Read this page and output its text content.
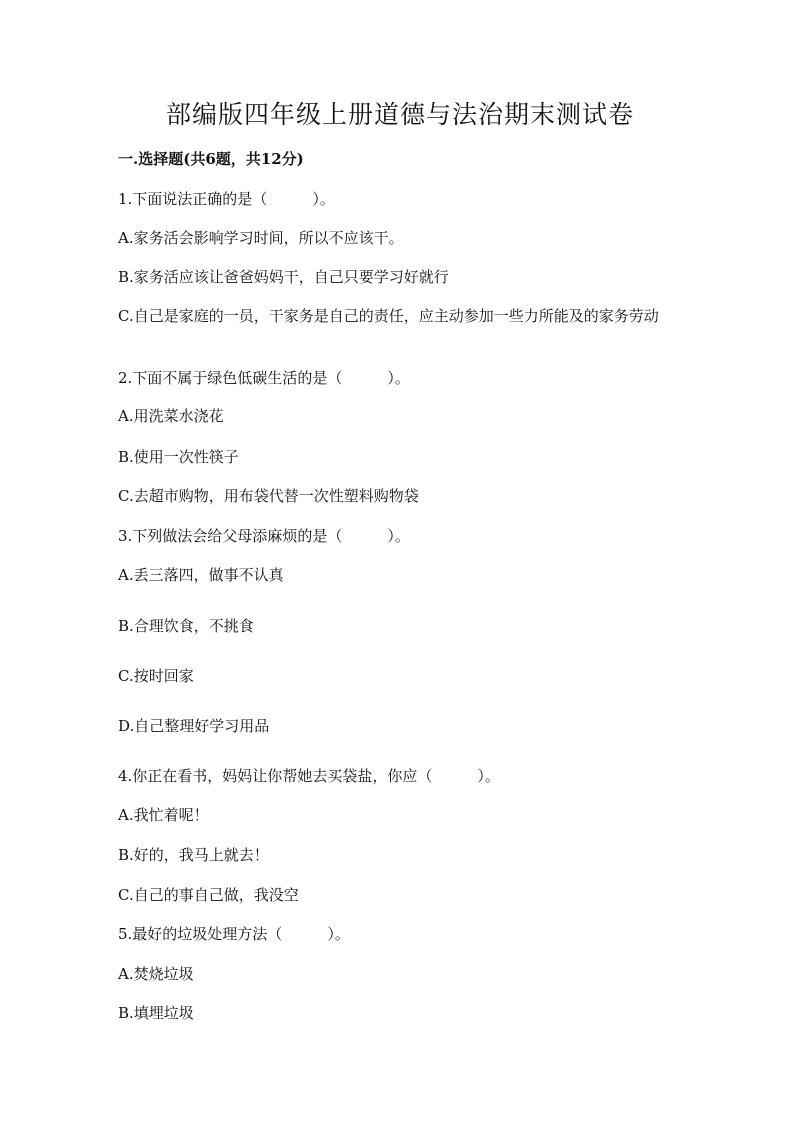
部编版四年级上册道德与法治期末测试卷
一.选择题(共6题，共12分)
1.下面说法正确的是（　　　）。
A.家务活会影响学习时间，所以不应该干。
B.家务活应该让爸爸妈妈干，自己只要学习好就行
C.自己是家庭的一员，干家务是自己的责任，应主动参加一些力所能及的家务劳动
2.下面不属于绿色低碳生活的是（　　　）。
A.用洗菜水浇花
B.使用一次性筷子
C.去超市购物，用布袋代替一次性塑料购物袋
3.下列做法会给父母添麻烦的是（　　　）。
A.丢三落四，做事不认真
B.合理饮食，不挑食
C.按时回家
D.自己整理好学习用品
4.你正在看书，妈妈让你帮她去买袋盐，你应（　　　）。
A.我忙着呢！
B.好的，我马上就去！
C.自己的事自己做，我没空
5.最好的垃圾处理方法（　　　）。
A.焚烧垃圾
B.填埋垃圾
